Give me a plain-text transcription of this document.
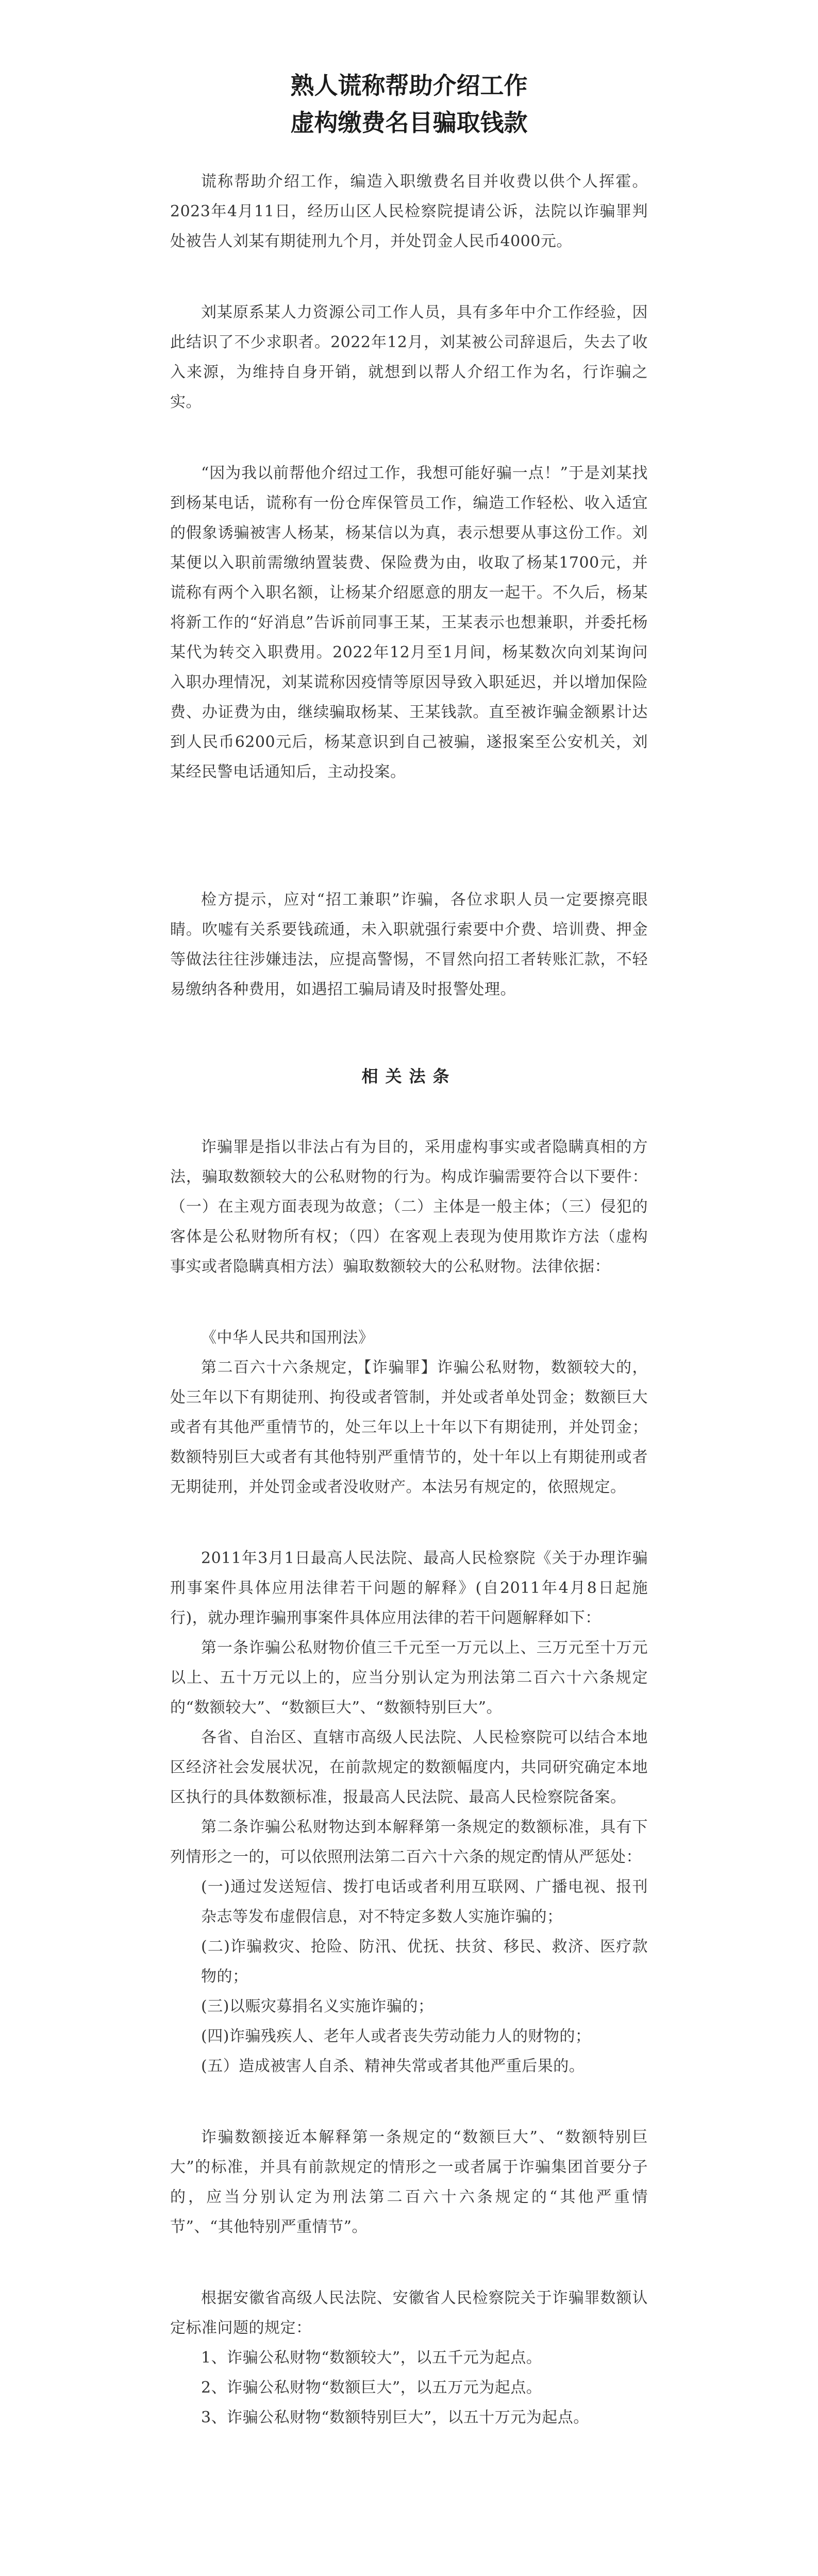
熟人谎称帮助介绍工作
虚构缴费名目骗取钱款

谎称帮助介绍工作，编造入职缴费名目并收费以供个人挥霍。2023年4月11日，经历山区人民检察院提请公诉，法院以诈骗罪判处被告人刘某有期徒刑九个月，并处罚金人民币4000元。

刘某原系某人力资源公司工作人员，具有多年中介工作经验，因此结识了不少求职者。2022年12月，刘某被公司辞退后，失去了收入来源，为维持自身开销，就想到以帮人介绍工作为名，行诈骗之实。

“因为我以前帮他介绍过工作，我想可能好骗一点！”于是刘某找到杨某电话，谎称有一份仓库保管员工作，编造工作轻松、收入适宜的假象诱骗被害人杨某，杨某信以为真，表示想要从事这份工作。刘某便以入职前需缴纳置装费、保险费为由，收取了杨某1700元，并谎称有两个入职名额，让杨某介绍愿意的朋友一起干。不久后，杨某将新工作的“好消息”告诉前同事王某，王某表示也想兼职，并委托杨某代为转交入职费用。2022年12月至1月间，杨某数次向刘某询问入职办理情况，刘某谎称因疫情等原因导致入职延迟，并以增加保险费、办证费为由，继续骗取杨某、王某钱款。直至被诈骗金额累计达到人民币6200元后，杨某意识到自己被骗，遂报案至公安机关，刘某经民警电话通知后，主动投案。

检方提示，应对“招工兼职”诈骗，各位求职人员一定要擦亮眼睛。吹嘘有关系要钱疏通，未入职就强行索要中介费、培训费、押金等做法往往涉嫌违法，应提高警惕，不冒然向招工者转账汇款，不轻易缴纳各种费用，如遇招工骗局请及时报警处理。

相关法条

诈骗罪是指以非法占有为目的，采用虚构事实或者隐瞒真相的方法，骗取数额较大的公私财物的行为。构成诈骗需要符合以下要件：（一）在主观方面表现为故意；（二）主体是一般主体；（三）侵犯的客体是公私财物所有权；（四）在客观上表现为使用欺诈方法（虚构事实或者隐瞒真相方法）骗取数额较大的公私财物。法律依据：

《中华人民共和国刑法》

第二百六十六条规定，【诈骗罪】诈骗公私财物，数额较大的，处三年以下有期徒刑、拘役或者管制，并处或者单处罚金；数额巨大或者有其他严重情节的，处三年以上十年以下有期徒刑，并处罚金；数额特别巨大或者有其他特别严重情节的，处十年以上有期徒刑或者无期徒刑，并处罚金或者没收财产。本法另有规定的，依照规定。

2011年3月1日最高人民法院、最高人民检察院《关于办理诈骗刑事案件具体应用法律若干问题的解释》(自2011年4月8日起施行)，就办理诈骗刑事案件具体应用法律的若干问题解释如下：

第一条诈骗公私财物价值三千元至一万元以上、三万元至十万元以上、五十万元以上的，应当分别认定为刑法第二百六十六条规定的“数额较大”、“数额巨大”、“数额特别巨大”。

各省、自治区、直辖市高级人民法院、人民检察院可以结合本地区经济社会发展状况，在前款规定的数额幅度内，共同研究确定本地区执行的具体数额标准，报最高人民法院、最高人民检察院备案。

第二条诈骗公私财物达到本解释第一条规定的数额标准，具有下列情形之一的，可以依照刑法第二百六十六条的规定酌情从严惩处：

(一)通过发送短信、拨打电话或者利用互联网、广播电视、报刊杂志等发布虚假信息，对不特定多数人实施诈骗的；

(二)诈骗救灾、抢险、防汛、优抚、扶贫、移民、救济、医疗款物的；

(三)以赈灾募捐名义实施诈骗的；

(四)诈骗残疾人、老年人或者丧失劳动能力人的财物的；

(五）造成被害人自杀、精神失常或者其他严重后果的。

诈骗数额接近本解释第一条规定的“数额巨大”、“数额特别巨大”的标准，并具有前款规定的情形之一或者属于诈骗集团首要分子的，应当分别认定为刑法第二百六十六条规定的“其他严重情节”、“其他特别严重情节”。

根据安徽省高级人民法院、安徽省人民检察院关于诈骗罪数额认定标准问题的规定：

1、诈骗公私财物“数额较大”，以五千元为起点。

2、诈骗公私财物“数额巨大”，以五万元为起点。

3、诈骗公私财物“数额特别巨大”，以五十万元为起点。
